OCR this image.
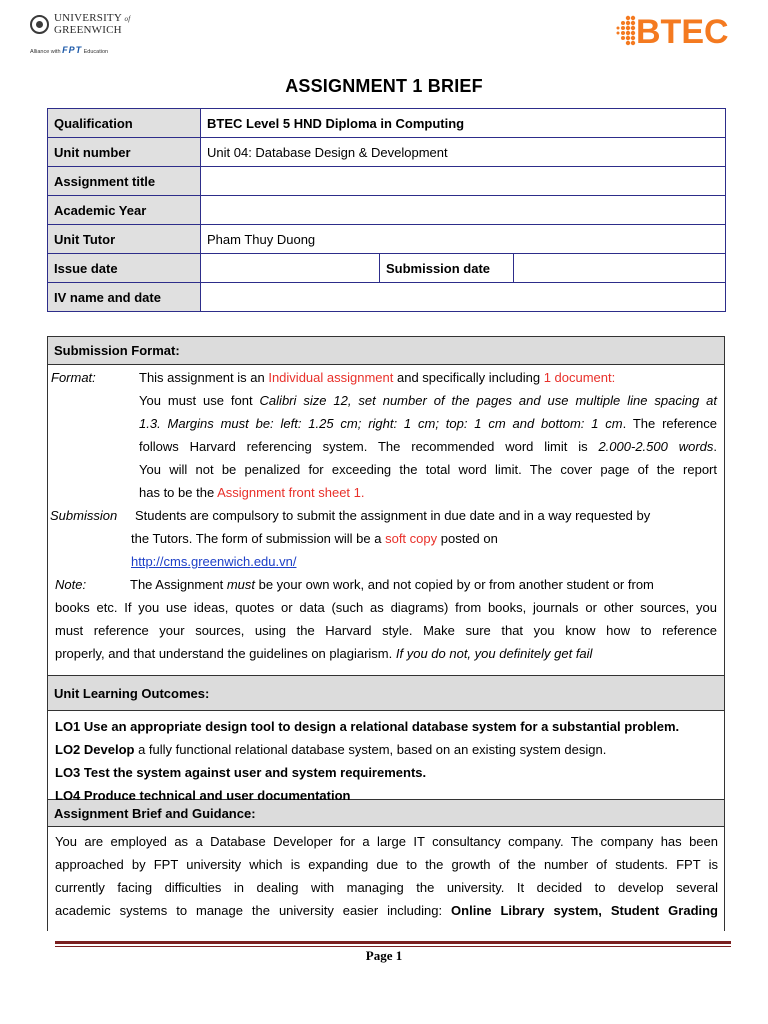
UNIVERSITY of
GREENWICH
Alliance with FPT Education
BTEC
ASSIGNMENT 1 BRIEF
Qualification	BTEC Level 5 HND Diploma in Computing		
Unit number	Unit 04: Database Design & Development		
Assignment title			
Academic Year			
Unit Tutor	Pham Thuy Duong		
Issue date		Submission date	
IV name and date			
Submission Format:
Format:	This assignment is an Individual assignment and specifically including 1 document:
You must use font Calibri size 12, set number of the pages and use multiple line spacing at
1.3. Margins must be: left: 1.25 cm; right: 1 cm; top: 1 cm and bottom: 1 cm. The reference
follows Harvard referencing system. The recommended word limit is 2.000-2.500 words.
You will not be penalized for exceeding the total word limit. The cover page of the report
has to be the Assignment front sheet 1.
Submission Students are compulsory to submit the assignment in due date and in a way requested by
the Tutors. The form of submission will be a soft copy posted on
http://cms.greenwich.edu.vn/
Note:	The Assignment must be your own work, and not copied by or from another student or from
books etc. If you use ideas, quotes or data (such as diagrams) from books, journals or other sources, you
must reference your sources, using the Harvard style. Make sure that you know how to reference
properly, and that understand the guidelines on plagiarism. If you do not, you definitely get fail
Unit Learning Outcomes:
LO1 Use an appropriate design tool to design a relational database system for a substantial problem.
LO2 Develop a fully functional relational database system, based on an existing system design.
LO3 Test the system against user and system requirements.
LO4 Produce technical and user documentation
Assignment Brief and Guidance:
You are employed as a Database Developer for a large IT consultancy company. The company has been
approached by FPT university which is expanding due to the growth of the number of students. FPT is
currently facing difficulties in dealing with managing the university. It decided to develop several
academic systems to manage the university easier including: Online Library system, Student Grading
Page 1
